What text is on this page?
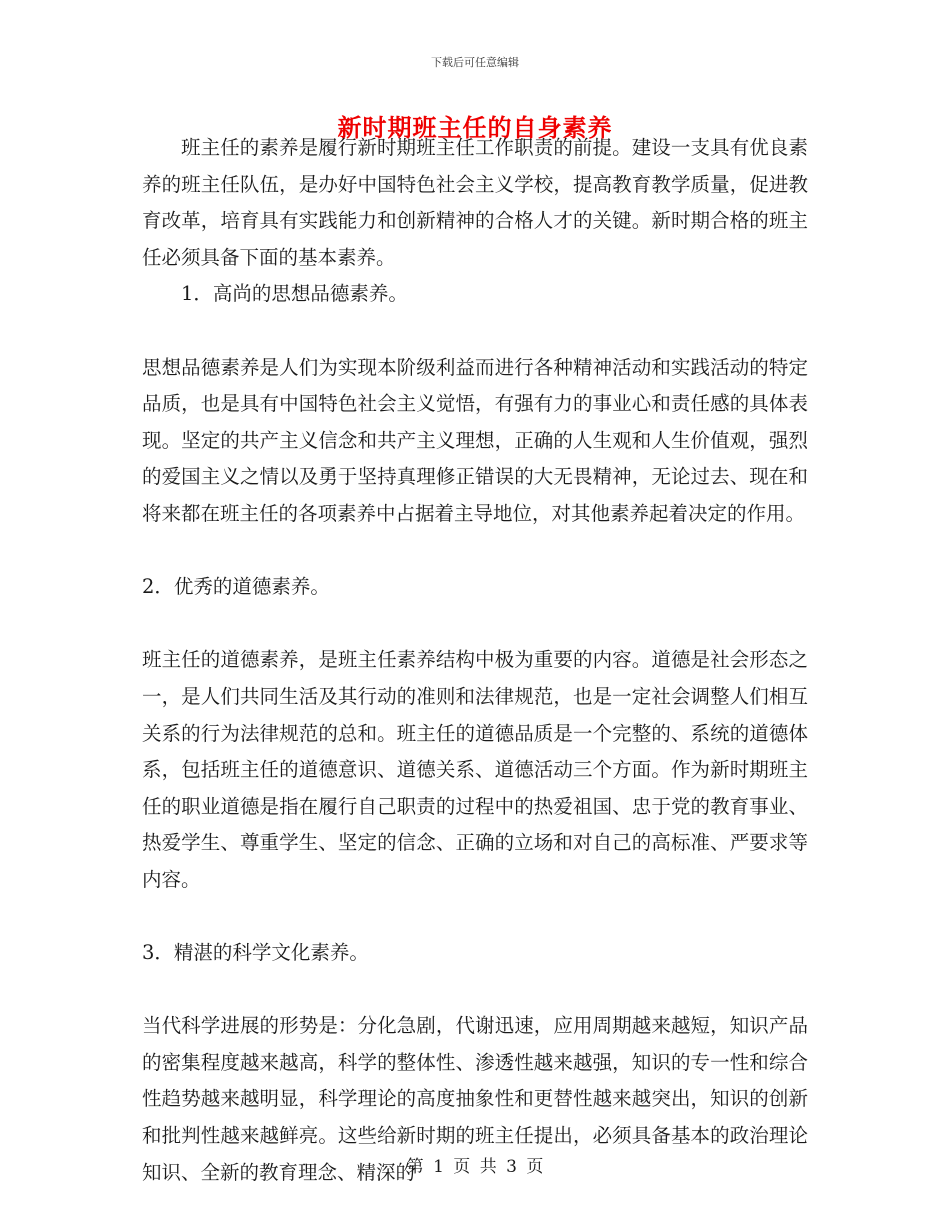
下载后可任意编辑
新时期班主任的自身素养

班主任的素养是履行新时期班主任工作职责的前提。建设一支具有优良素养的班主任队伍，是办好中国特色社会主义学校，提高教育教学质量，促进教育改革，培育具有实践能力和创新精神的合格人才的关键。新时期合格的班主任必须具备下面的基本素养。

1．高尚的思想品德素养。

思想品德素养是人们为实现本阶级利益而进行各种精神活动和实践活动的特定品质，也是具有中国特色社会主义觉悟，有强有力的事业心和责任感的具体表现。坚定的共产主义信念和共产主义理想，正确的人生观和人生价值观，强烈的爱国主义之情以及勇于坚持真理修正错误的大无畏精神，无论过去、现在和将来都在班主任的各项素养中占据着主导地位，对其他素养起着决定的作用。

2．优秀的道德素养。

班主任的道德素养，是班主任素养结构中极为重要的内容。道德是社会形态之一，是人们共同生活及其行动的准则和法律规范，也是一定社会调整人们相互关系的行为法律规范的总和。班主任的道德品质是一个完整的、系统的道德体系，包括班主任的道德意识、道德关系、道德活动三个方面。作为新时期班主任的职业道德是指在履行自己职责的过程中的热爱祖国、忠于党的教育事业、热爱学生、尊重学生、坚定的信念、正确的立场和对自己的高标准、严要求等内容。

3．精湛的科学文化素养。

当代科学进展的形势是：分化急剧，代谢迅速，应用周期越来越短，知识产品的密集程度越来越高，科学的整体性、渗透性越来越强，知识的专一性和综合性趋势越来越明显，科学理论的高度抽象性和更替性越来越突出，知识的创新和批判性越来越鲜亮。这些给新时期的班主任提出，必须具备基本的政治理论知识、全新的教育理念、精深的

第 1 页 共 3 页
